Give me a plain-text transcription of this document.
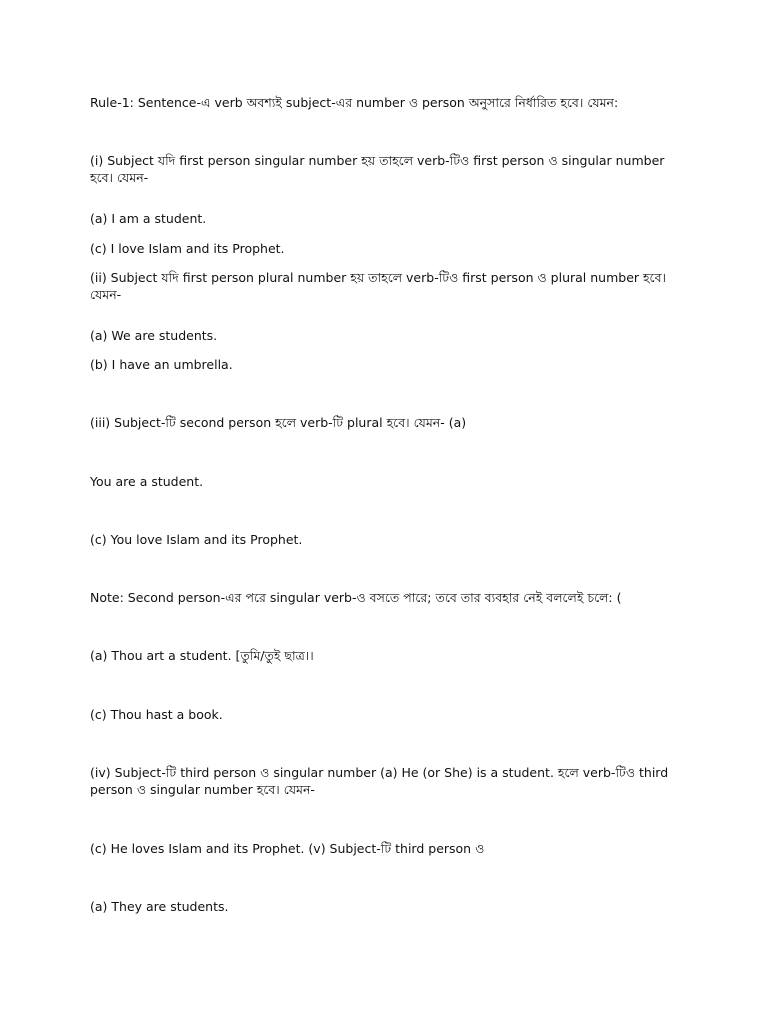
Rule-1: Sentence-এ verb অবশ্যই subject-এর number ও person অনুসারে নির্ধারিত হবে। যেমন:
(i) Subject যদি first person singular number হয় তাহলে verb-টিও first person ও singular number হবে। যেমন-
(a) I am a student.
(c) I love Islam and its Prophet.
(ii) Subject যদি first person plural number হয় তাহলে verb-টিও first person ও plural number হবে। যেমন-
(a) We are students.
(b) I have an umbrella.
(iii) Subject-টি second person হলে verb-টি plural হবে। যেমন- (a)
You are a student.
(c) You love Islam and its Prophet.
Note: Second person-এর পরে singular verb-ও বসতে পারে; তবে তার ব্যবহার নেই বললেই চলে: (
(a) Thou art a student. [তুমি/তুই ছাত্র।।
(c) Thou hast a book.
(iv) Subject-টি third person ও singular number (a) He (or She) is a student. হলে verb-টিও third person ও singular number হবে। যেমন-
(c) He loves Islam and its Prophet. (v) Subject-টি third person ও
(a) They are students.
